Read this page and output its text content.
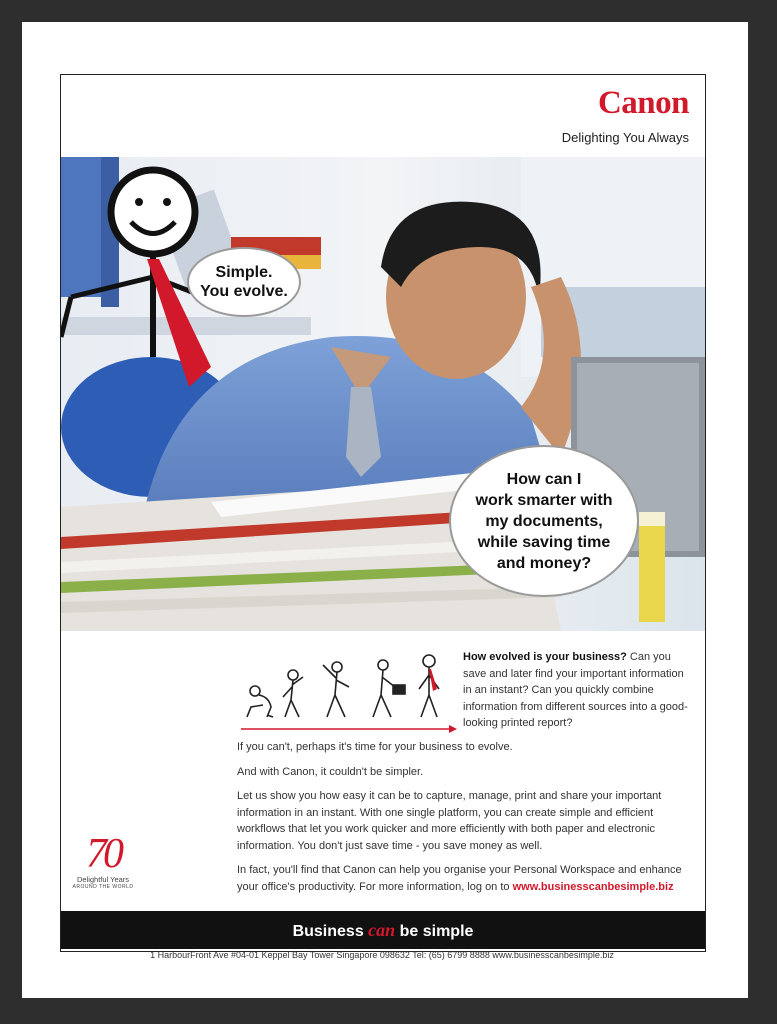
Canon
Delighting You Always
Simple.
You evolve.
How can I
work smarter with
my documents,
while saving time
and money?
How evolved is your business? Can you save and later find your important information in an instant? Can you quickly combine information from different sources into a good-looking printed report?

If you can't, perhaps it's time for your business to evolve.

And with Canon, it couldn't be simpler.

Let us show you how easy it can be to capture, manage, print and share your important information in an instant. With one single platform, you can create simple and efficient workflows that let you work quicker and more efficiently with both paper and electronic information. You don't just save time - you save money as well.

In fact, you'll find that Canon can help you organise your Personal Workspace and enhance your office's productivity. For more information, log on to www.businesscanbesimple.biz

70
Delightful Years
AROUND THE WORLD
Business can be simple
1 HarbourFront Ave #04-01 Keppel Bay Tower Singapore 098632 Tel: (65) 6799 8888 www.businesscanbesimple.biz
